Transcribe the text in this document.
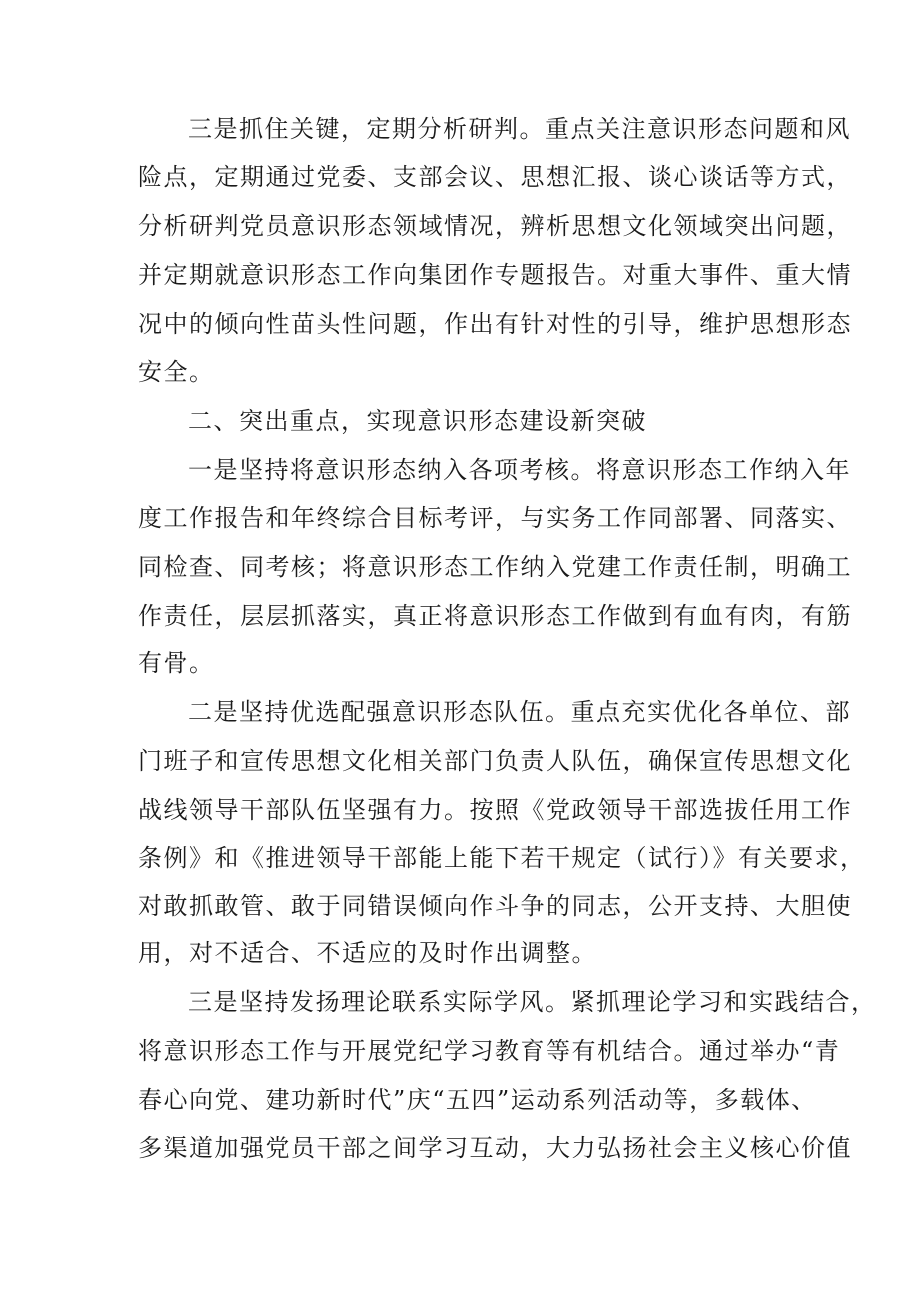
三是抓住关键，定期分析研判。重点关注意识形态问题和风
险点，定期通过党委、支部会议、思想汇报、谈心谈话等方式，
分析研判党员意识形态领域情况，辨析思想文化领域突出问题，
并定期就意识形态工作向集团作专题报告。对重大事件、重大情
况中的倾向性苗头性问题，作出有针对性的引导，维护思想形态
安全。
二、突出重点，实现意识形态建设新突破
一是坚持将意识形态纳入各项考核。将意识形态工作纳入年
度工作报告和年终综合目标考评，与实务工作同部署、同落实、
同检查、同考核；将意识形态工作纳入党建工作责任制，明确工
作责任，层层抓落实，真正将意识形态工作做到有血有肉，有筋
有骨。
二是坚持优选配强意识形态队伍。重点充实优化各单位、部
门班子和宣传思想文化相关部门负责人队伍，确保宣传思想文化
战线领导干部队伍坚强有力。按照《党政领导干部选拔任用工作
条例》和《推进领导干部能上能下若干规定（试行）》有关要求，
对敢抓敢管、敢于同错误倾向作斗争的同志，公开支持、大胆使
用，对不适合、不适应的及时作出调整。
三是坚持发扬理论联系实际学风。紧抓理论学习和实践结合，
将意识形态工作与开展党纪学习教育等有机结合。通过举办“青
春心向党、建功新时代”庆“五四”运动系列活动等，多载体、
多渠道加强党员干部之间学习互动，大力弘扬社会主义核心价值
